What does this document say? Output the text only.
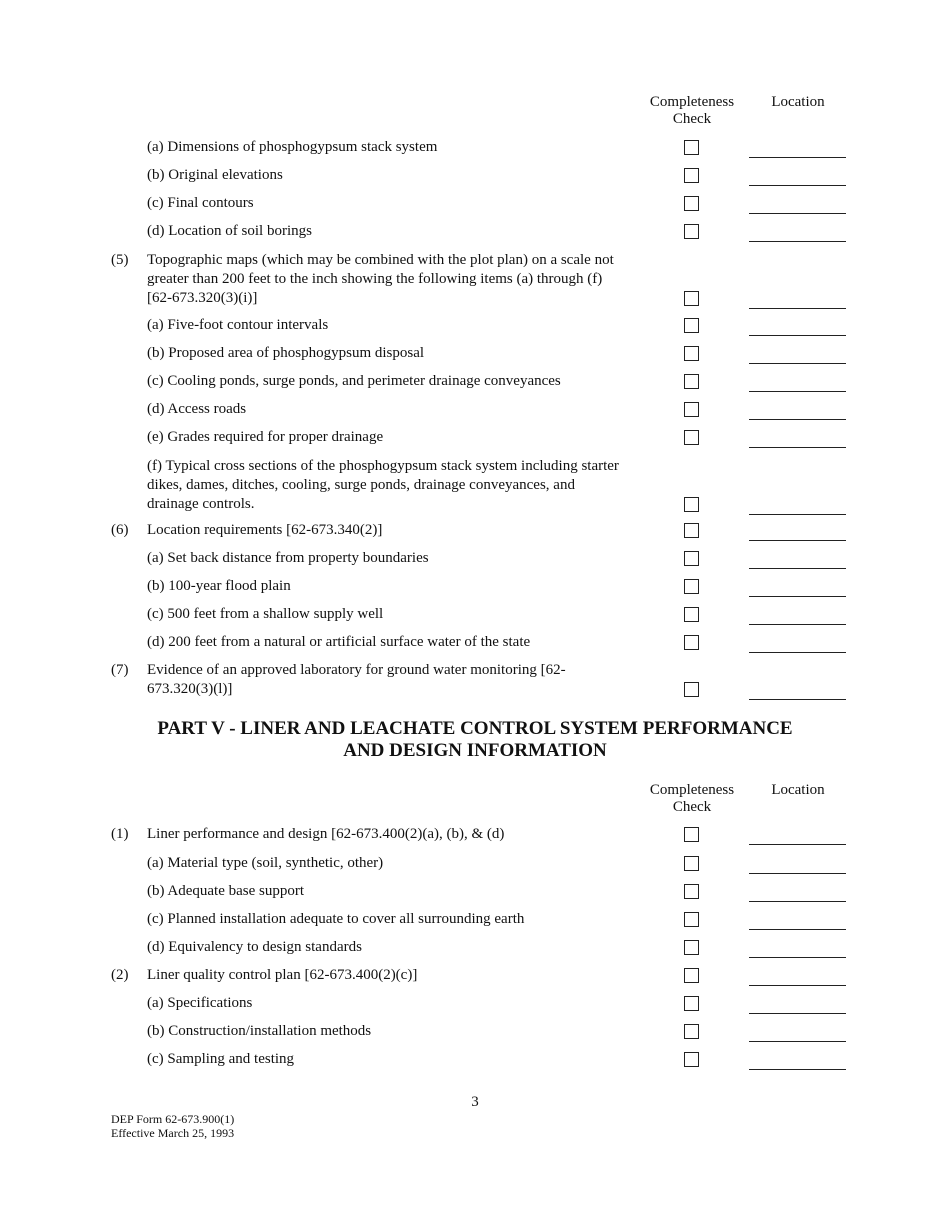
Completeness
Check
Location
(a) Dimensions of phosphogypsum stack system
(b) Original elevations
(c) Final contours
(d) Location of soil borings
(5) Topographic maps (which may be combined with the plot plan) on a scale not greater than 200 feet to the inch showing the following items (a) through (f) [62-673.320(3)(i)]
(a) Five-foot contour intervals
(b) Proposed area of phosphogypsum disposal
(c) Cooling ponds, surge ponds, and perimeter drainage conveyances
(d) Access roads
(e) Grades required for proper drainage
(f) Typical cross sections of the phosphogypsum stack system including starter dikes, dames, ditches, cooling, surge ponds, drainage conveyances, and drainage controls.
(6) Location requirements [62-673.340(2)]
(a) Set back distance from property boundaries
(b) 100-year flood plain
(c) 500 feet from a shallow supply well
(d) 200 feet from a natural or artificial surface water of the state
(7) Evidence of an approved laboratory for ground water monitoring [62-673.320(3)(l)]
PART V - LINER AND LEACHATE CONTROL SYSTEM PERFORMANCE
AND DESIGN INFORMATION
Completeness
Check
Location
(1) Liner performance and design [62-673.400(2)(a), (b), & (d)
(a) Material type (soil, synthetic, other)
(b) Adequate base support
(c) Planned installation adequate to cover all surrounding earth
(d) Equivalency to design standards
(2) Liner quality control plan [62-673.400(2)(c)]
(a) Specifications
(b) Construction/installation methods
(c) Sampling and testing
3
DEP Form 62-673.900(1)
Effective March 25, 1993
